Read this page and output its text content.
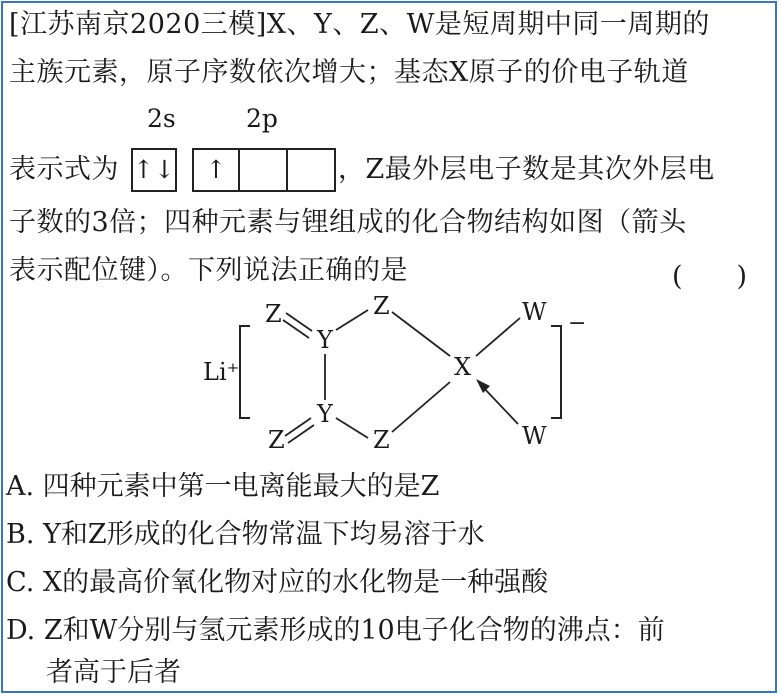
[江苏南京2020三模]X、Y、Z、W是短周期中同一周期的
主族元素，原子序数依次增大；基态X原子的价电子轨道
2s	2p
表示式为 ↑↓	↑	，Z最外层电子数是其次外层电
子数的3倍；四种元素与锂组成的化合物结构如图（箭头
表示配位键）。下列说法正确的是	(　　)
Li⁺
−
Z
Y
Z	W
X
Y
Z	Z	W
A. 四种元素中第一电离能最大的是Z
B. Y和Z形成的化合物常温下均易溶于水
C. X的最高价氧化物对应的水化物是一种强酸
D. Z和W分别与氢元素形成的10电子化合物的沸点：前
者高于后者
